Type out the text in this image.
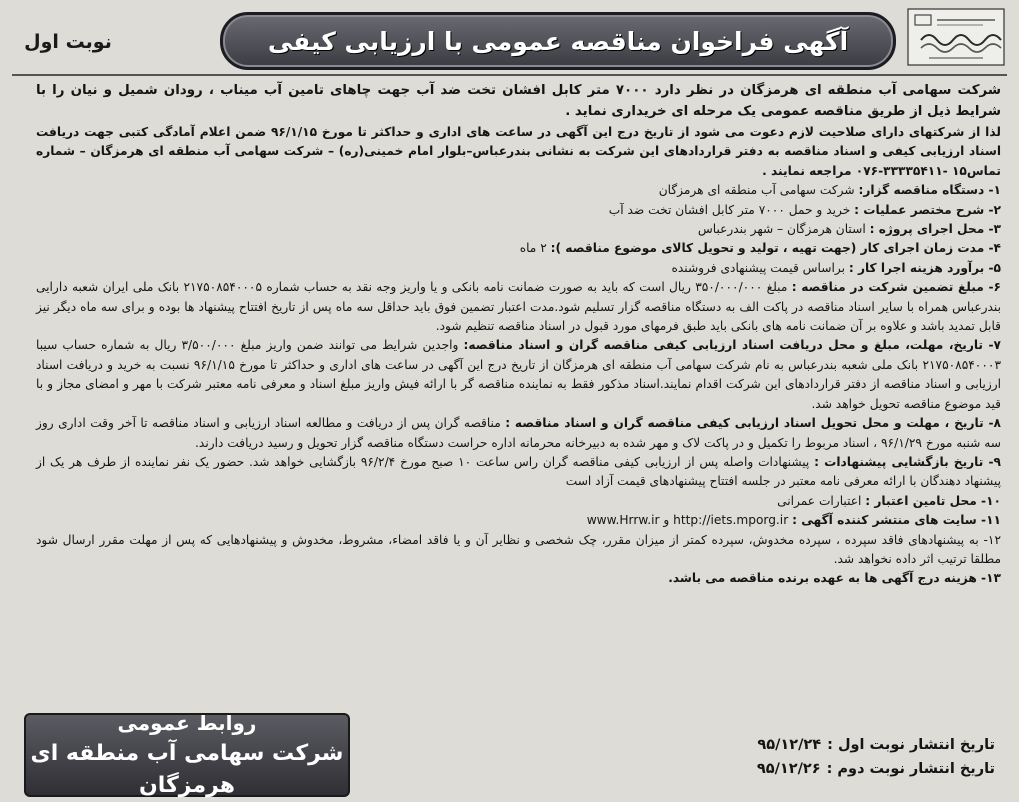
نوبت اول	آگهی فراخوان مناقصه عمومی با ارزیابی کیفی

شرکت سهامی آب منطقه ای هرمزگان در نظر دارد ۷۰۰۰ متر کابل افشان تخت ضد آب جهت چاهای تامین آب میناب ، رودان شمیل و نیان را با شرایط ذیل از طریق مناقصه عمومی یک مرحله ای خریداری نماید .

لذا از شرکتهای دارای صلاحیت لازم دعوت می شود از تاریخ درج این آگهی در ساعت های اداری و حداکثر تا مورخ ۹۶/۱/۱۵ ضمن اعلام آمادگی کتبی جهت دریافت اسناد ارزیابی کیفی و اسناد مناقصه به دفتر قراردادهای این شرکت به نشانی بندرعباس–بلوار امام خمینی(ره) – شرکت سهامی آب منطقه ای هرمزگان – شماره تماس۱۵ -۳۳۳۳۵۴۱۱-۰۷۶ مراجعه نمایند .

۱- دستگاه مناقصه گزار: شرکت سهامی آب منطقه ای هرمزگان

۲- شرح مختصر عملیات : خرید و حمل ۷۰۰۰ متر کابل افشان تخت ضد آب

۳- محل اجرای پروژه : استان هرمزگان – شهر بندرعباس

۴- مدت زمان اجرای کار (جهت تهیه ، تولید و تحویل کالای موضوع مناقصه ): ۲ ماه

۵- برآورد هزینه اجرا کار : براساس قیمت پیشنهادی فروشنده

۶- مبلغ تضمین شرکت در مناقصه : مبلغ ۳۵۰/۰۰۰/۰۰۰ ریال است که باید به صورت ضمانت نامه بانکی و یا واریز وجه نقد به حساب شماره ۲۱۷۵۰۸۵۴۰۰۰۵ بانک ملی ایران شعبه دارایی بندرعباس همراه با سایر اسناد مناقصه در پاکت الف به دستگاه مناقصه گزار تسلیم شود.مدت اعتبار تضمین فوق باید حداقل سه ماه پس از تاریخ افتتاح پیشنهاد ها بوده و برای سه ماه دیگر نیز قابل تمدید باشد و علاوه بر آن ضمانت نامه های بانکی باید طبق فرمهای مورد قبول در اسناد مناقصه تنظیم شود.

۷- تاریخ، مهلت، مبلغ و محل دریافت اسناد ارزیابی کیفی مناقصه گران و اسناد مناقصه: واجدین شرایط می توانند ضمن واریز مبلغ ۳/۵۰۰/۰۰۰ ریال به شماره حساب سیبا ۲۱۷۵۰۸۵۴۰۰۰۳ بانک ملی شعبه بندرعباس به نام شرکت سهامی آب منطقه ای هرمزگان از تاریخ درج این آگهی در ساعت های اداری و حداکثر تا مورخ ۹۶/۱/۱۵ نسبت به خرید و دریافت اسناد ارزیابی و اسناد مناقصه از دفتر قراردادهای این شرکت اقدام نمایند.اسناد مذکور فقط به نماینده مناقصه گر با ارائه فیش واریز مبلغ اسناد و معرفی نامه معتبر شرکت با مهر و امضای مجاز و با قید موضوع مناقصه تحویل خواهد شد.

۸- تاریخ ، مهلت و محل تحویل اسناد ارزیابی کیفی مناقصه گران و اسناد مناقصه : مناقصه گران پس از دریافت و مطالعه اسناد ارزیابی و اسناد مناقصه تا آخر وقت اداری روز سه شنبه مورخ ۹۶/۱/۲۹ ، اسناد مربوط را تکمیل و در پاکت لاک و مهر شده به دبیرخانه محرمانه اداره حراست دستگاه مناقصه گزار تحویل و رسید دریافت دارند.

۹- تاریخ بازگشایی پیشنهادات : پیشنهادات واصله پس از ارزیابی کیفی مناقصه گران راس ساعت ۱۰ صبح مورخ ۹۶/۲/۴ بازگشایی خواهد شد. حضور یک نفر نماینده از طرف هر یک از پیشنهاد دهندگان با ارائه معرفی نامه معتبر در جلسه افتتاح پیشنهادهای قیمت آزاد است

۱۰- محل تامین اعتبار : اعتبارات عمرانی

۱۱- سایت های منتشر کننده آگهی : http://iets.mporg.ir و www.Hrrw.ir

۱۲- به پیشنهادهای فاقد سپرده ، سپرده مخدوش، سپرده کمتر از میزان مقرر، چک شخصی و نظایر آن و یا فاقد امضاء، مشروط، مخدوش و پیشنهادهایی که پس از مهلت مقرر ارسال شود مطلقا ترتیب اثر داده نخواهد شد.

۱۳- هزینه درج آگهی ها به عهده برنده مناقصه می باشد.

روابط عمومی
شرکت سهامی آب منطقه ای هرمزگان
تاریخ انتشار نوبت اول :
۹۵/۱۲/۲۴
تاریخ انتشار نوبت دوم :
۹۵/۱۲/۲۶
